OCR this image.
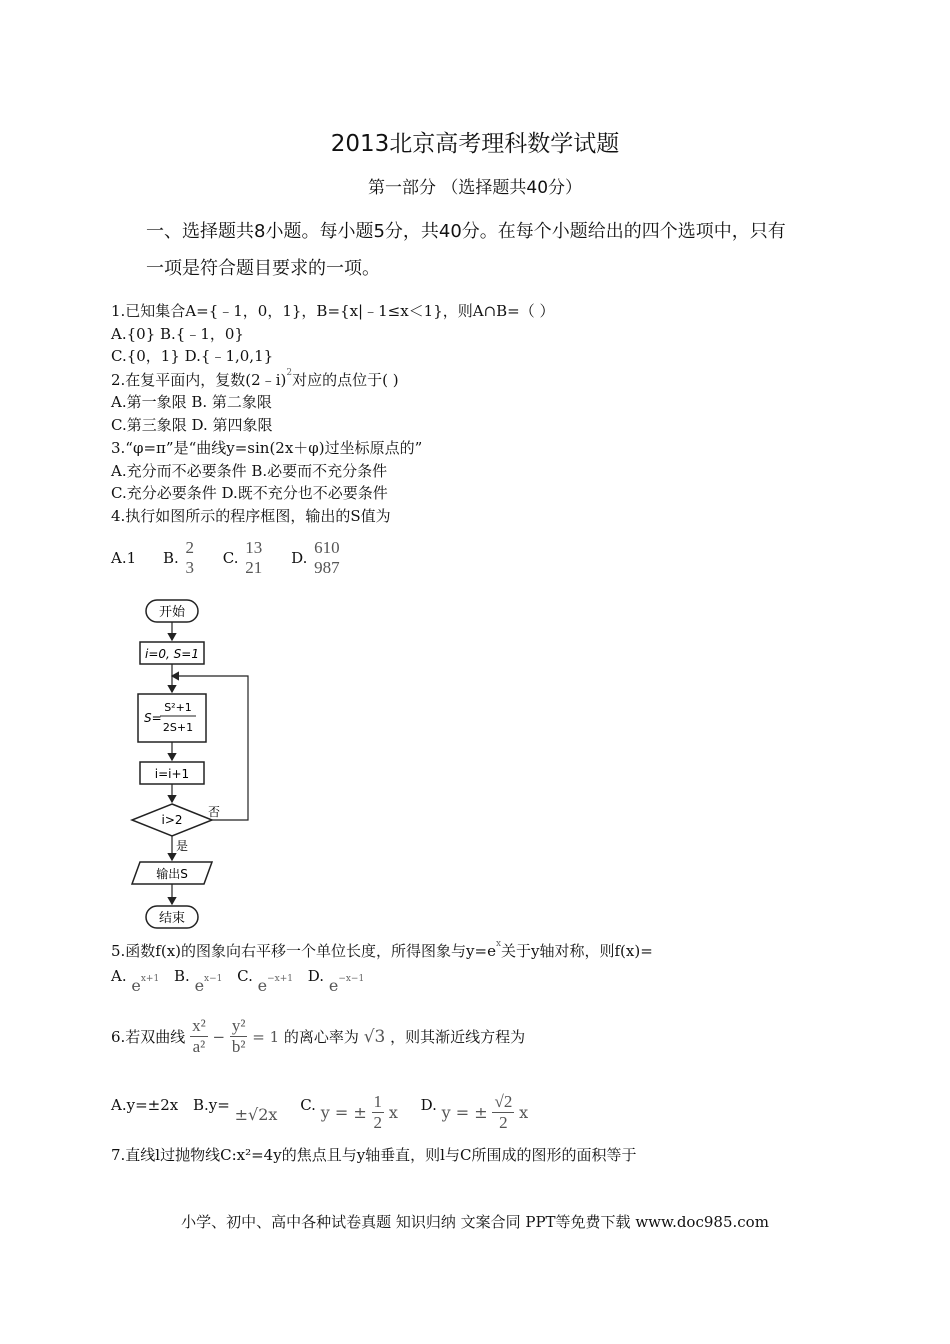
2013北京高考理科数学试题
第一部分 （选择题共40分）
一、选择题共8小题。每小题5分，共40分。在每个小题给出的四个选项中，只有
一项是符合题目要求的一项。
1.已知集合A={﹣1，0，1}，B={x|﹣1≤x＜1}，则A∩B=（ ）
A.{0} B.{﹣1，0}
C.{0，1} D.{﹣1,0,1}
2.在复平面内，复数(2﹣i)$^2$对应的点位于( )
A.第一象限 B. 第二象限
C.第三象限 D. 第四象限
3.“φ=π”是“曲线y=sin(2x＋φ)过坐标原点的”
A.充分而不必要条件 B.必要而不充分条件
C.充分必要条件 D.既不充分也不必要条件
4.执行如图所示的程序框图，输出的S值为
A.1 B.
2
3 C.
13
21 D.
610
987
开始
i=0, S=1
S=
S²+1
2S+1
i=i+1
i>2
否
是
输出S
结束
5.函数f(x)的图象向右平移一个单位长度，所得图象与$y=e^x$关于y轴对称，则f(x)=
A. $e^{x+1}$ B. $e^{x-1}$ C. $e^{-x+1}$ D. $e^{-x-1}$
6.若双曲线 $\frac{\text{x²}}{\text{a²}} - \frac{\text{y²}}{\text{b²}} = 1$ 的离心率为 √3 ，则其渐近线方程为
A.y=±2x B.y= ±√2x C. y = ± $\frac{1}{2}$ x D. y = ± $\frac{√2}{2}$ x
7.直线l过抛物线C:x²=4y的焦点且与y轴垂直，则l与C所围成的图形的面积等于
小学、初中、高中各种试卷真题 知识归纳 文案合同 PPT等免费下载 www.doc985.com
